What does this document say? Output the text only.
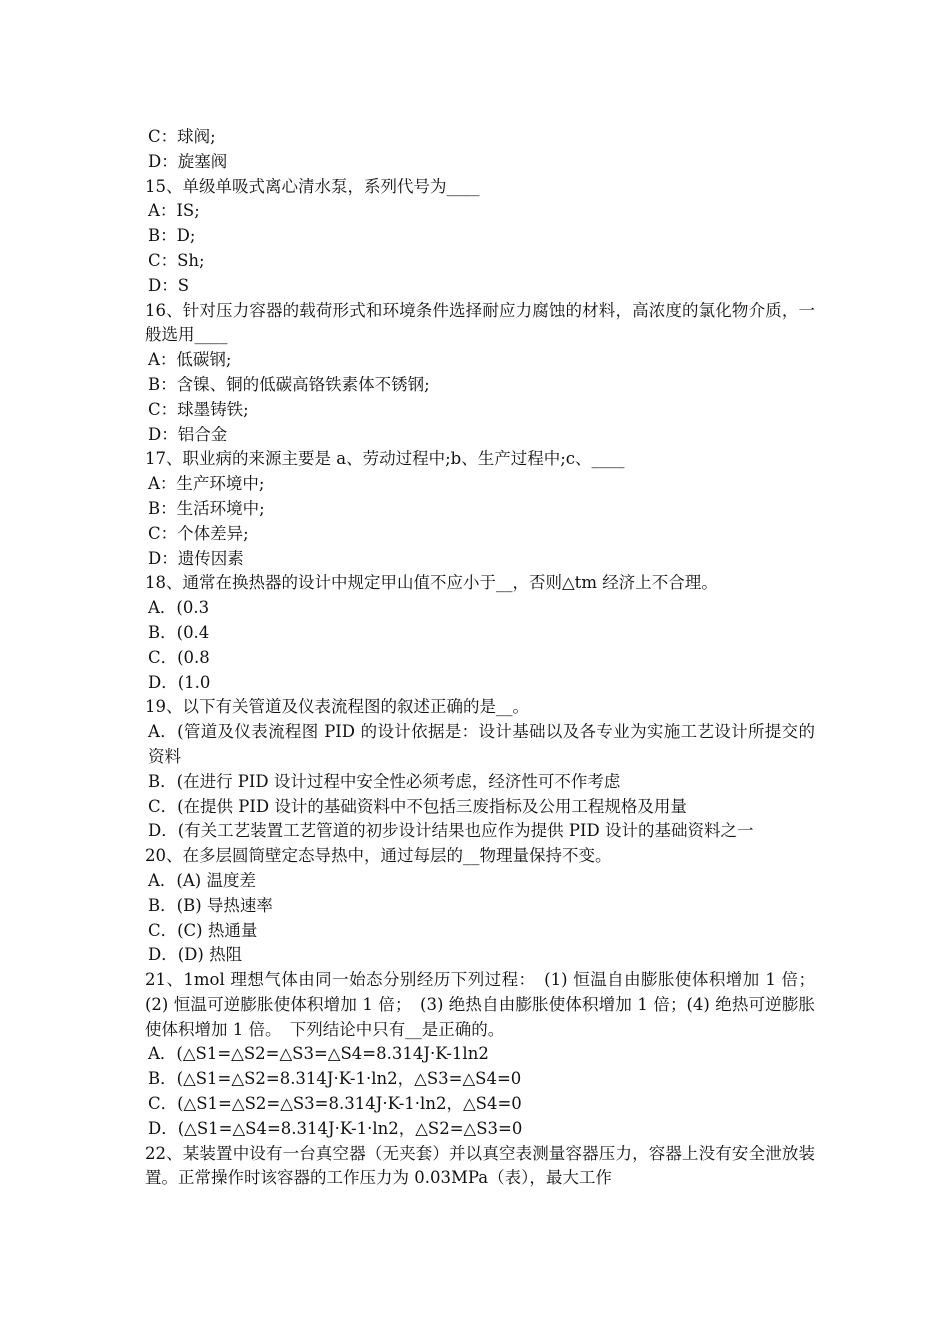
C：球阀;
D：旋塞阀
15、单级单吸式离心清水泵，系列代号为____
A：IS;
B：D;
C：Sh;
D：S
16、针对压力容器的载荷形式和环境条件选择耐应力腐蚀的材料，高浓度的氯化物介质，一般选用____
A：低碳钢;
B：含镍、铜的低碳高铬铁素体不锈钢;
C：球墨铸铁;
D：铝合金
17、职业病的来源主要是 a、劳动过程中;b、生产过程中;c、____
A：生产环境中;
B：生活环境中;
C：个体差异;
D：遗传因素
18、通常在换热器的设计中规定甲山值不应小于__，否则△tm 经济上不合理。
A．(0.3
B．(0.4
C．(0.8
D．(1.0
19、以下有关管道及仪表流程图的叙述正确的是__。
A．(管道及仪表流程图 PID 的设计依据是：设计基础以及各专业为实施工艺设计所提交的资料
B．(在进行 PID 设计过程中安全性必须考虑，经济性可不作考虑
C．(在提供 PID 设计的基础资料中不包括三废指标及公用工程规格及用量
D．(有关工艺装置工艺管道的初步设计结果也应作为提供 PID 设计的基础资料之一
20、在多层圆筒壁定态导热中，通过每层的__物理量保持不变。
A．(A) 温度差
B．(B) 导热速率
C．(C) 热通量
D．(D) 热阻
21、1mol 理想气体由同一始态分别经历下列过程：　(1) 恒温自由膨胀使体积增加 1 倍；(2) 恒温可逆膨胀使体积增加 1 倍；　(3) 绝热自由膨胀使体积增加 1 倍；(4) 绝热可逆膨胀使体积增加 1 倍。　下列结论中只有__是正确的。
A．(△S1=△S2=△S3=△S4=8.314J·K-1ln2
B．(△S1=△S2=8.314J·K-1·ln2，△S3=△S4=0
C．(△S1=△S2=△S3=8.314J·K-1·ln2，△S4=0
D．(△S1=△S4=8.314J·K-1·ln2，△S2=△S3=0
22、某装置中设有一台真空器（无夹套）并以真空表测量容器压力，容器上没有安全泄放装置。正常操作时该容器的工作压力为 0.03MPa（表），最大工作
